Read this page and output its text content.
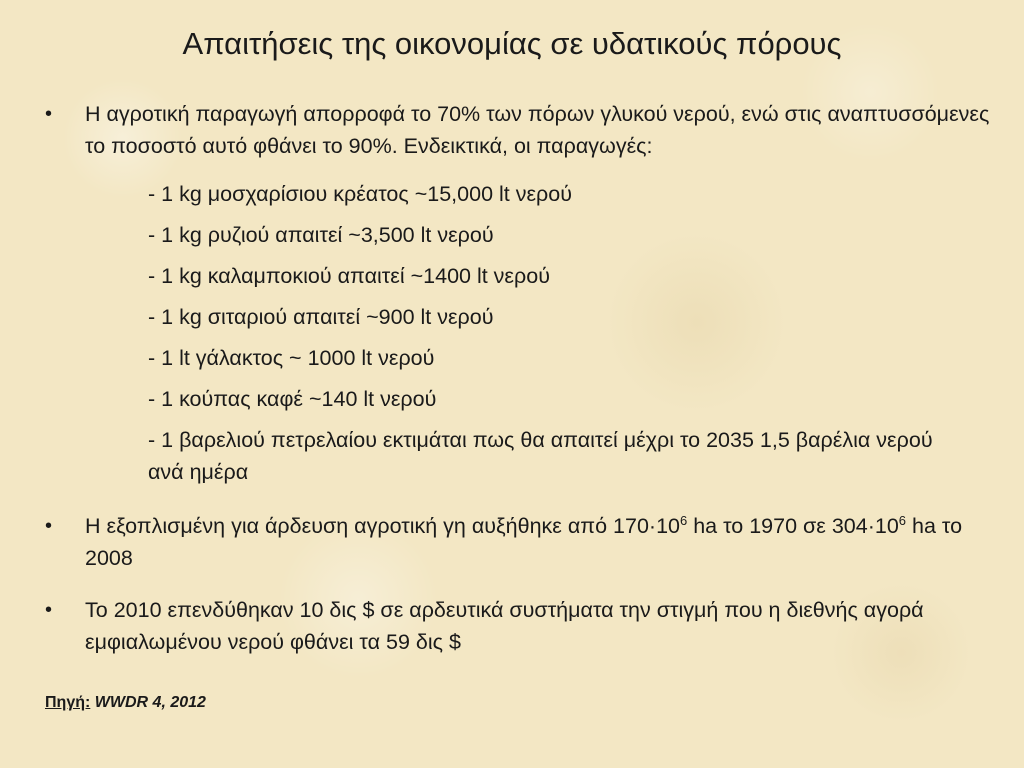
Απαιτήσεις της οικονομίας σε υδατικούς πόρους
•	Η αγροτική παραγωγή απορροφά το 70% των πόρων γλυκού νερού, ενώ στις αναπτυσσόμενες το ποσοστό αυτό φθάνει το 90%. Ενδεικτικά, οι παραγωγές:
- 1 kg μοσχαρίσιου κρέατος ~15,000 lt νερού
- 1 kg ρυζιού απαιτεί ~3,500 lt νερού
- 1 kg καλαμποκιού απαιτεί ~1400 lt νερού
- 1 kg σιταριού απαιτεί ~900 lt νερού
- 1 lt γάλακτος ~ 1000 lt νερού
- 1 κούπας καφέ ~140 lt νερού
- 1 βαρελιού πετρελαίου εκτιμάται πως θα απαιτεί μέχρι το 2035 1,5 βαρέλια νερού ανά ημέρα
•	Η εξοπλισμένη για άρδευση αγροτική γη αυξήθηκε από $170\cdot 10^6$ ha το 1970 σε $304\cdot 10^6$ ha το 2008
•	Το 2010 επενδύθηκαν 10 δις $ σε αρδευτικά συστήματα την στιγμή που η διεθνής αγορά εμφιαλωμένου νερού φθάνει τα 59 δις $
Πηγή: WWDR 4, 2012
